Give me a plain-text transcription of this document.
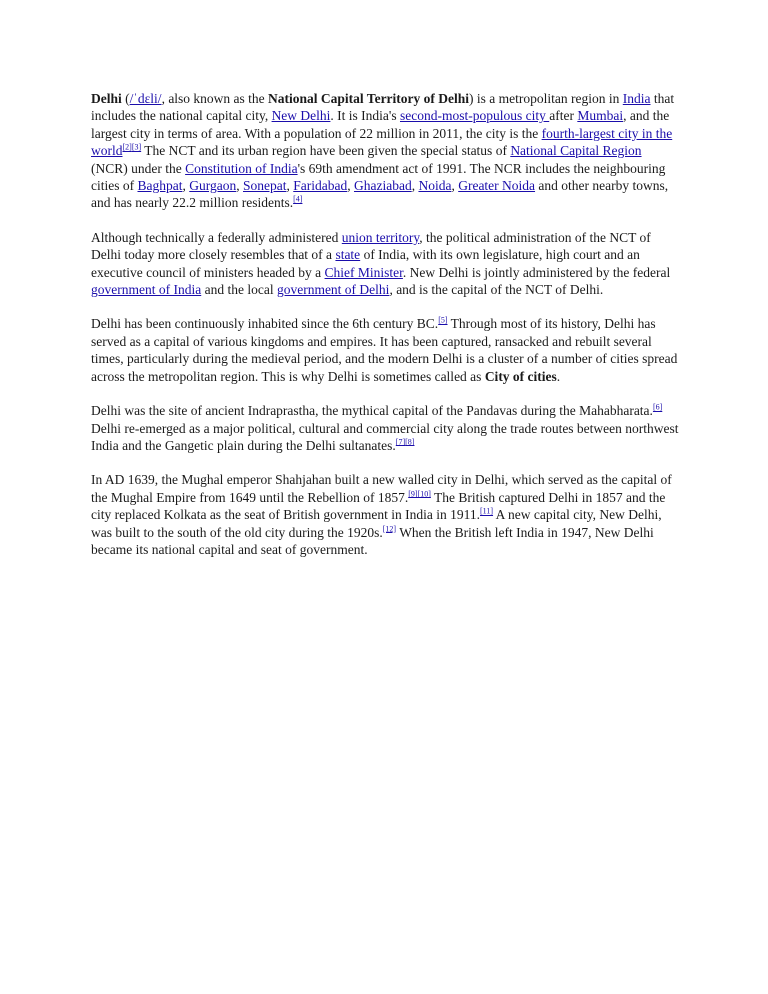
Delhi (/ˈdɛli/, also known as the National Capital Territory of Delhi) is a metropolitan region in India that includes the national capital city, New Delhi. It is India's second-most-populous city after Mumbai, and the largest city in terms of area. With a population of 22 million in 2011, the city is the fourth-largest city in the world[2][3] The NCT and its urban region have been given the special status of National Capital Region (NCR) under the Constitution of India's 69th amendment act of 1991. The NCR includes the neighbouring cities of Baghpat, Gurgaon, Sonepat, Faridabad, Ghaziabad, Noida, Greater Noida and other nearby towns, and has nearly 22.2 million residents.[4]

Although technically a federally administered union territory, the political administration of the NCT of Delhi today more closely resembles that of a state of India, with its own legislature, high court and an executive council of ministers headed by a Chief Minister. New Delhi is jointly administered by the federal government of India and the local government of Delhi, and is the capital of the NCT of Delhi.

Delhi has been continuously inhabited since the 6th century BC.[5] Through most of its history, Delhi has served as a capital of various kingdoms and empires. It has been captured, ransacked and rebuilt several times, particularly during the medieval period, and the modern Delhi is a cluster of a number of cities spread across the metropolitan region. This is why Delhi is sometimes called as City of cities.

Delhi was the site of ancient Indraprastha, the mythical capital of the Pandavas during the Mahabharata.[6] Delhi re-emerged as a major political, cultural and commercial city along the trade routes between northwest India and the Gangetic plain during the Delhi sultanates.[7][8]

In AD 1639, the Mughal emperor Shahjahan built a new walled city in Delhi, which served as the capital of the Mughal Empire from 1649 until the Rebellion of 1857.[9][10] The British captured Delhi in 1857 and the city replaced Kolkata as the seat of British government in India in 1911.[11] A new capital city, New Delhi, was built to the south of the old city during the 1920s.[12] When the British left India in 1947, New Delhi became its national capital and seat of government.
